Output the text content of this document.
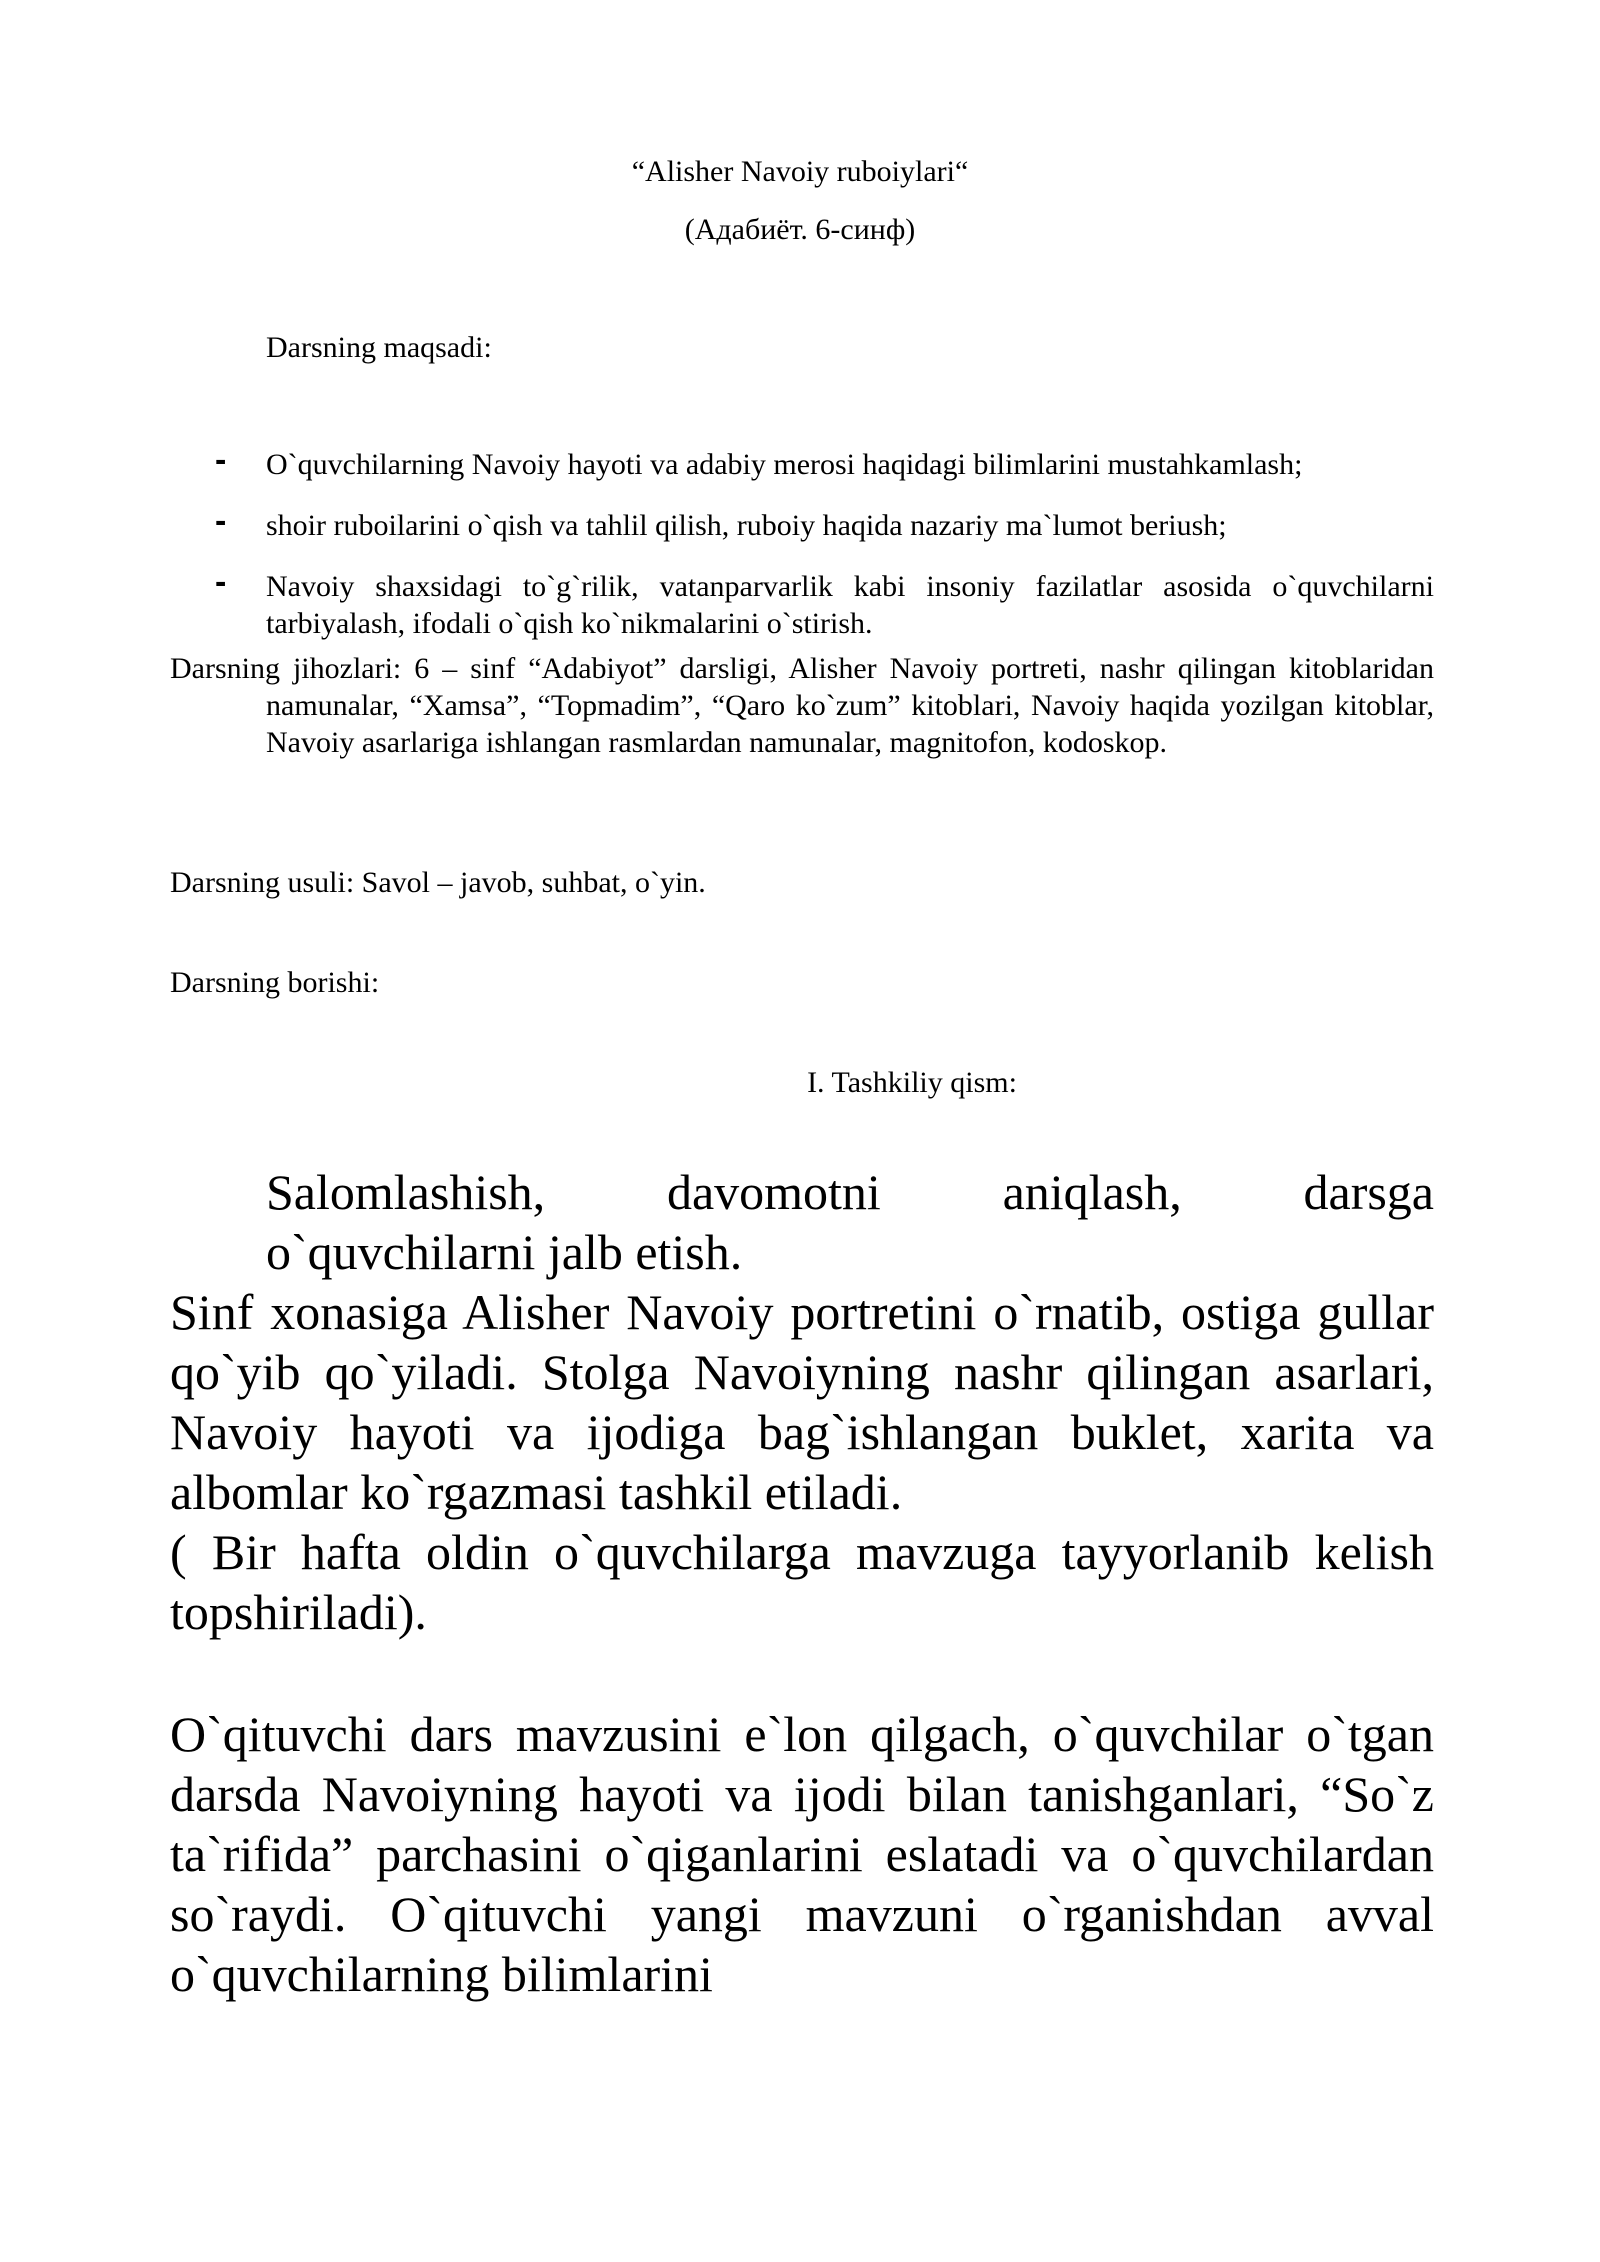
“Alisher Navoiy ruboiylari“
(Адабиёт. 6-синф)
Darsning maqsadi:
- O`quvchilarning Navoiy hayoti va adabiy merosi haqidagi bilimlarini mustahkamlash;
- shoir ruboilarini o`qish va tahlil qilish, ruboiy haqida nazariy ma`lumot beriush;
- Navoiy shaxsidagi to`g`rilik, vatanparvarlik kabi insoniy fazilatlar asosida o`quvchilarni tarbiyalash, ifodali o`qish ko`nikmalarini o`stirish.
Darsning jihozlari: 6 – sinf “Adabiyot” darsligi, Alisher Navoiy portreti, nashr qilingan kitoblaridan namunalar, “Xamsa”, “Topmadim”, “Qaro ko`zum” kitoblari, Navoiy haqida yozilgan kitoblar, Navoiy asarlariga ishlangan rasmlardan namunalar, magnitofon, kodoskop.
Darsning usuli: Savol – javob, suhbat, o`yin.
Darsning borishi:
I. Tashkiliy qism:
Salomlashish, davomotni aniqlash, darsga
o`quvchilarni jalb etish.
Sinf xonasiga Alisher Navoiy portretini o`rnatib, ostiga gullar qo`yib qo`yiladi. Stolga Navoiyning nashr qilingan asarlari, Navoiy hayoti va ijodiga bag`ishlangan buklet, xarita va albomlar ko`rgazmasi tashkil etiladi.
( Bir hafta oldin o`quvchilarga mavzuga tayyorlanib kelish topshiriladi).
O`qituvchi dars mavzusini e`lon qilgach, o`quvchilar o`tgan darsda Navoiyning hayoti va ijodi bilan tanishganlari, “So`z ta`rifida” parchasini o`qiganlarini eslatadi va o`quvchilardan so`raydi. O`qituvchi yangi mavzuni o`rganishdan avval o`quvchilarning bilimlarini
